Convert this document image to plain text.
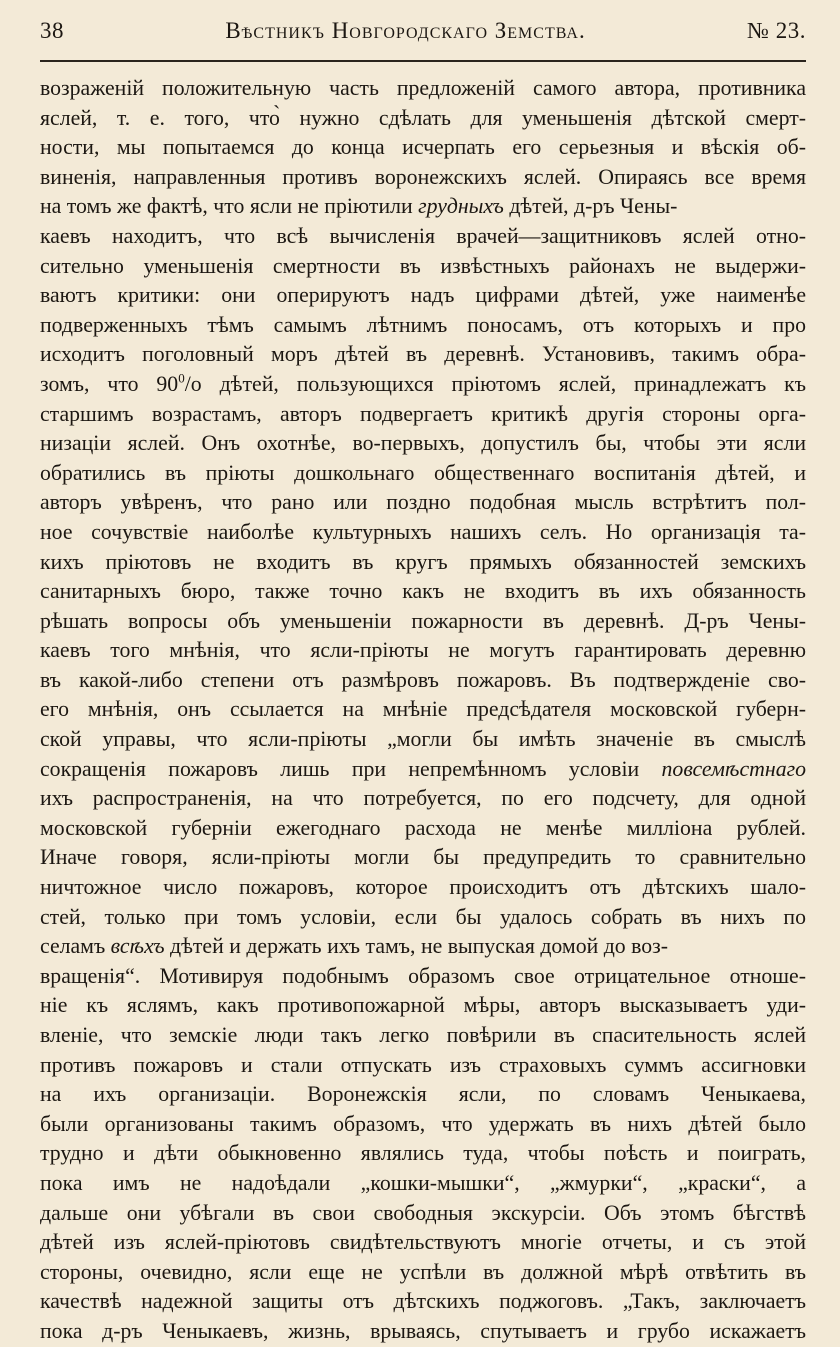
38	Вѣстникъ Новгородскаго Земства.	№ 23.
возраженій положительную часть предложеній самого автора, противника
яслей, т. е. того, что̀ нужно сдѣлать для уменьшенія дѣтской смерт-
ности, мы попытаемся до конца исчерпать его серьезныя и вѣскія об-
виненія, направленныя противъ воронежскихъ яслей. Опираясь все время
на томъ же фактѣ, что ясли не пріютили грудныхъ дѣтей, д-ръ Чены-
каевъ находитъ, что всѣ вычисленія врачей—защитниковъ яслей отно-
сительно уменьшенія смертности въ извѣстныхъ районахъ не выдержи-
ваютъ критики: они оперируютъ надъ цифрами дѣтей, уже наименѣе
подверженныхъ тѣмъ самымъ лѣтнимъ поносамъ, отъ которыхъ и про
исходитъ поголовный моръ дѣтей въ деревнѣ. Установивъ, такимъ обра-
зомъ, что $90^0/о$ дѣтей, пользующихся пріютомъ яслей, принадлежатъ къ
старшимъ возрастамъ, авторъ подвергаетъ критикѣ другія стороны орга-
низаціи яслей. Онъ охотнѣе, во-первыхъ, допустилъ бы, чтобы эти ясли
обратились въ пріюты дошкольнаго общественнаго воспитанія дѣтей, и
авторъ увѣренъ, что рано или поздно подобная мысль встрѣтитъ пол-
ное сочувствіе наиболѣе культурныхъ нашихъ селъ. Но организація та-
кихъ пріютовъ не входитъ въ кругъ прямыхъ обязанностей земскихъ
санитарныхъ бюро, также точно какъ не входитъ въ ихъ обязанность
рѣшать вопросы объ уменьшеніи пожарности въ деревнѣ. Д-ръ Чены-
каевъ того мнѣнія, что ясли-пріюты не могутъ гарантировать деревню
въ какой-либо степени отъ размѣровъ пожаровъ. Въ подтвержденіе сво-
его мнѣнія, онъ ссылается на мнѣніе предсѣдателя московской губерн-
ской управы, что ясли-пріюты „могли бы имѣть значеніе въ смыслѣ
сокращенія пожаровъ лишь при непремѣнномъ условіи повсемѣстнаго
ихъ распространенія, на что потребуется, по его подсчету, для одной
московской губерніи ежегоднаго расхода не менѣе милліона рублей.
Иначе говоря, ясли-пріюты могли бы предупредить то сравнительно
ничтожное число пожаровъ, которое происходитъ отъ дѣтскихъ шало-
стей, только при томъ условіи, если бы удалось собрать въ нихъ по
селамъ всѣхъ дѣтей и держать ихъ тамъ, не выпуская домой до воз-
вращенія“. Мотивируя подобнымъ образомъ свое отрицательное отноше-
ніе къ яслямъ, какъ противопожарной мѣры, авторъ высказываетъ уди-
вленіе, что земскіе люди такъ легко повѣрили въ спасительность яслей
противъ пожаровъ и стали отпускать изъ страховыхъ суммъ ассигновки
на ихъ организаціи. Воронежскія ясли, по словамъ Ченыкаева,
были организованы такимъ образомъ, что удержать въ нихъ дѣтей было
трудно и дѣти обыкновенно являлись туда, чтобы поѣсть и поиграть,
пока имъ не надоѣдали „кошки-мышки“, „жмурки“, „краски“, а
дальше они убѣгали въ свои свободныя экскурсіи. Объ этомъ бѣгствѣ
дѣтей изъ яслей-пріютовъ свидѣтельствуютъ многіе отчеты, и съ этой
стороны, очевидно, ясли еще не успѣли въ должной мѣрѣ отвѣтить въ
качествѣ надежной защиты отъ дѣтскихъ поджоговъ. „Такъ, заключаетъ
пока д-ръ Ченыкаевъ, жизнь, врываясь, спутываетъ и грубо искажаетъ
